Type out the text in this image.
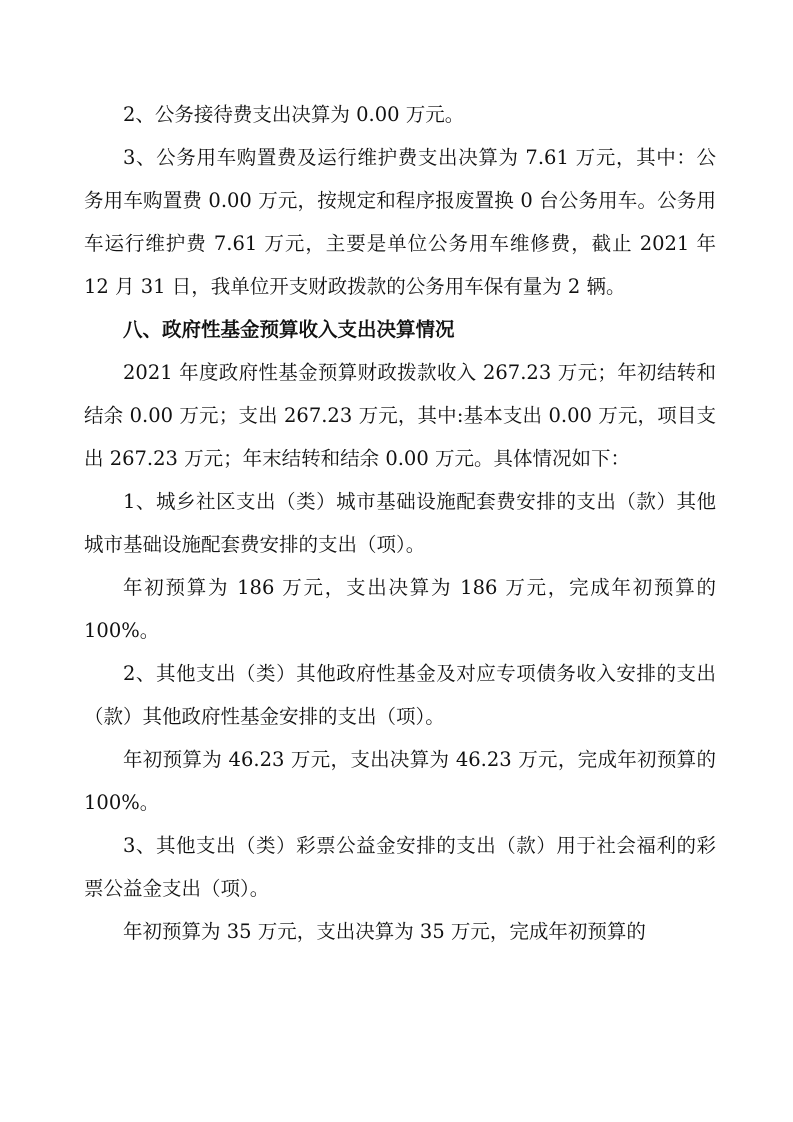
2、公务接待费支出决算为 0.00 万元。

3、公务用车购置费及运行维护费支出决算为 7.61 万元，其中：公务用车购置费 0.00 万元，按规定和程序报废置换 0 台公务用车。公务用车运行维护费 7.61 万元，主要是单位公务用车维修费，截止 2021 年 12 月 31 日，我单位开支财政拨款的公务用车保有量为 2 辆。

八、政府性基金预算收入支出决算情况

2021 年度政府性基金预算财政拨款收入 267.23 万元；年初结转和结余 0.00 万元；支出 267.23 万元，其中:基本支出 0.00 万元，项目支出 267.23 万元；年末结转和结余 0.00 万元。具体情况如下：

1、城乡社区支出（类）城市基础设施配套费安排的支出（款）其他城市基础设施配套费安排的支出（项）。

年初预算为 186 万元，支出决算为 186 万元，完成年初预算的 100%。

2、其他支出（类）其他政府性基金及对应专项债务收入安排的支出（款）其他政府性基金安排的支出（项）。

年初预算为 46.23 万元，支出决算为 46.23 万元，完成年初预算的 100%。

3、其他支出（类）彩票公益金安排的支出（款）用于社会福利的彩票公益金支出（项）。

年初预算为 35 万元，支出决算为 35 万元，完成年初预算的
